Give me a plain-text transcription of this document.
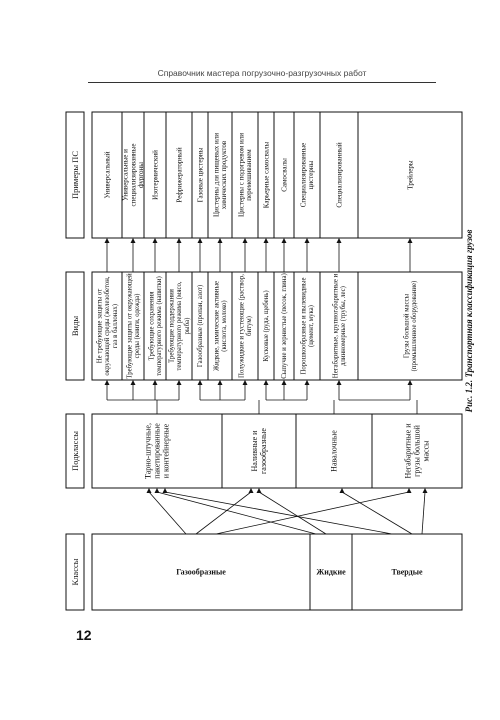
Справочник мастера погрузочно-разгрузочных работ
Классы
Подклассы
Виды
Примеры ПС
Газообразные	Жидкие	Твердые
Тарно-штучные,пакетированныеи контейнерные	Наливные игазообразные	Навалочные	Негабаритные игрузы большоймассы
Не требующие защиты отокружающей среды (железобетон,газ в баллонах) Требующие защиты от окружающейсреды (книги, одежда) Требующие сохранениятемпературного режима (напитки) Требующие поддержаниятемпературного режима (мясо,рыба) Газообразные (пропан, азот) Жидкие, химические активные(кислота, молоко) Полужидкие и густеющие (раствор,битум) Кусковые (руда, щебень) Сыпучие и зернистые (песок, глина) Порошкообразные и пылевидные(цемент, мука)	Негабаритные, крупногабаритные идлинномерные (трубы, лес)	Грузы большой массы(промышленное оборудование)
Универсальный Универсальные испециализированныефургоны Изотермический Рефрижераторный Газовые цистерны Цистерны для пищевых илихимических продуктов Цистерны с подогревом илиперемешиванием Карьерные самосвалы Самосвалы Специализированныецистерны	Специализированный	Трейлеры
Рис. 1.2. Транспортная классификация грузов
12
